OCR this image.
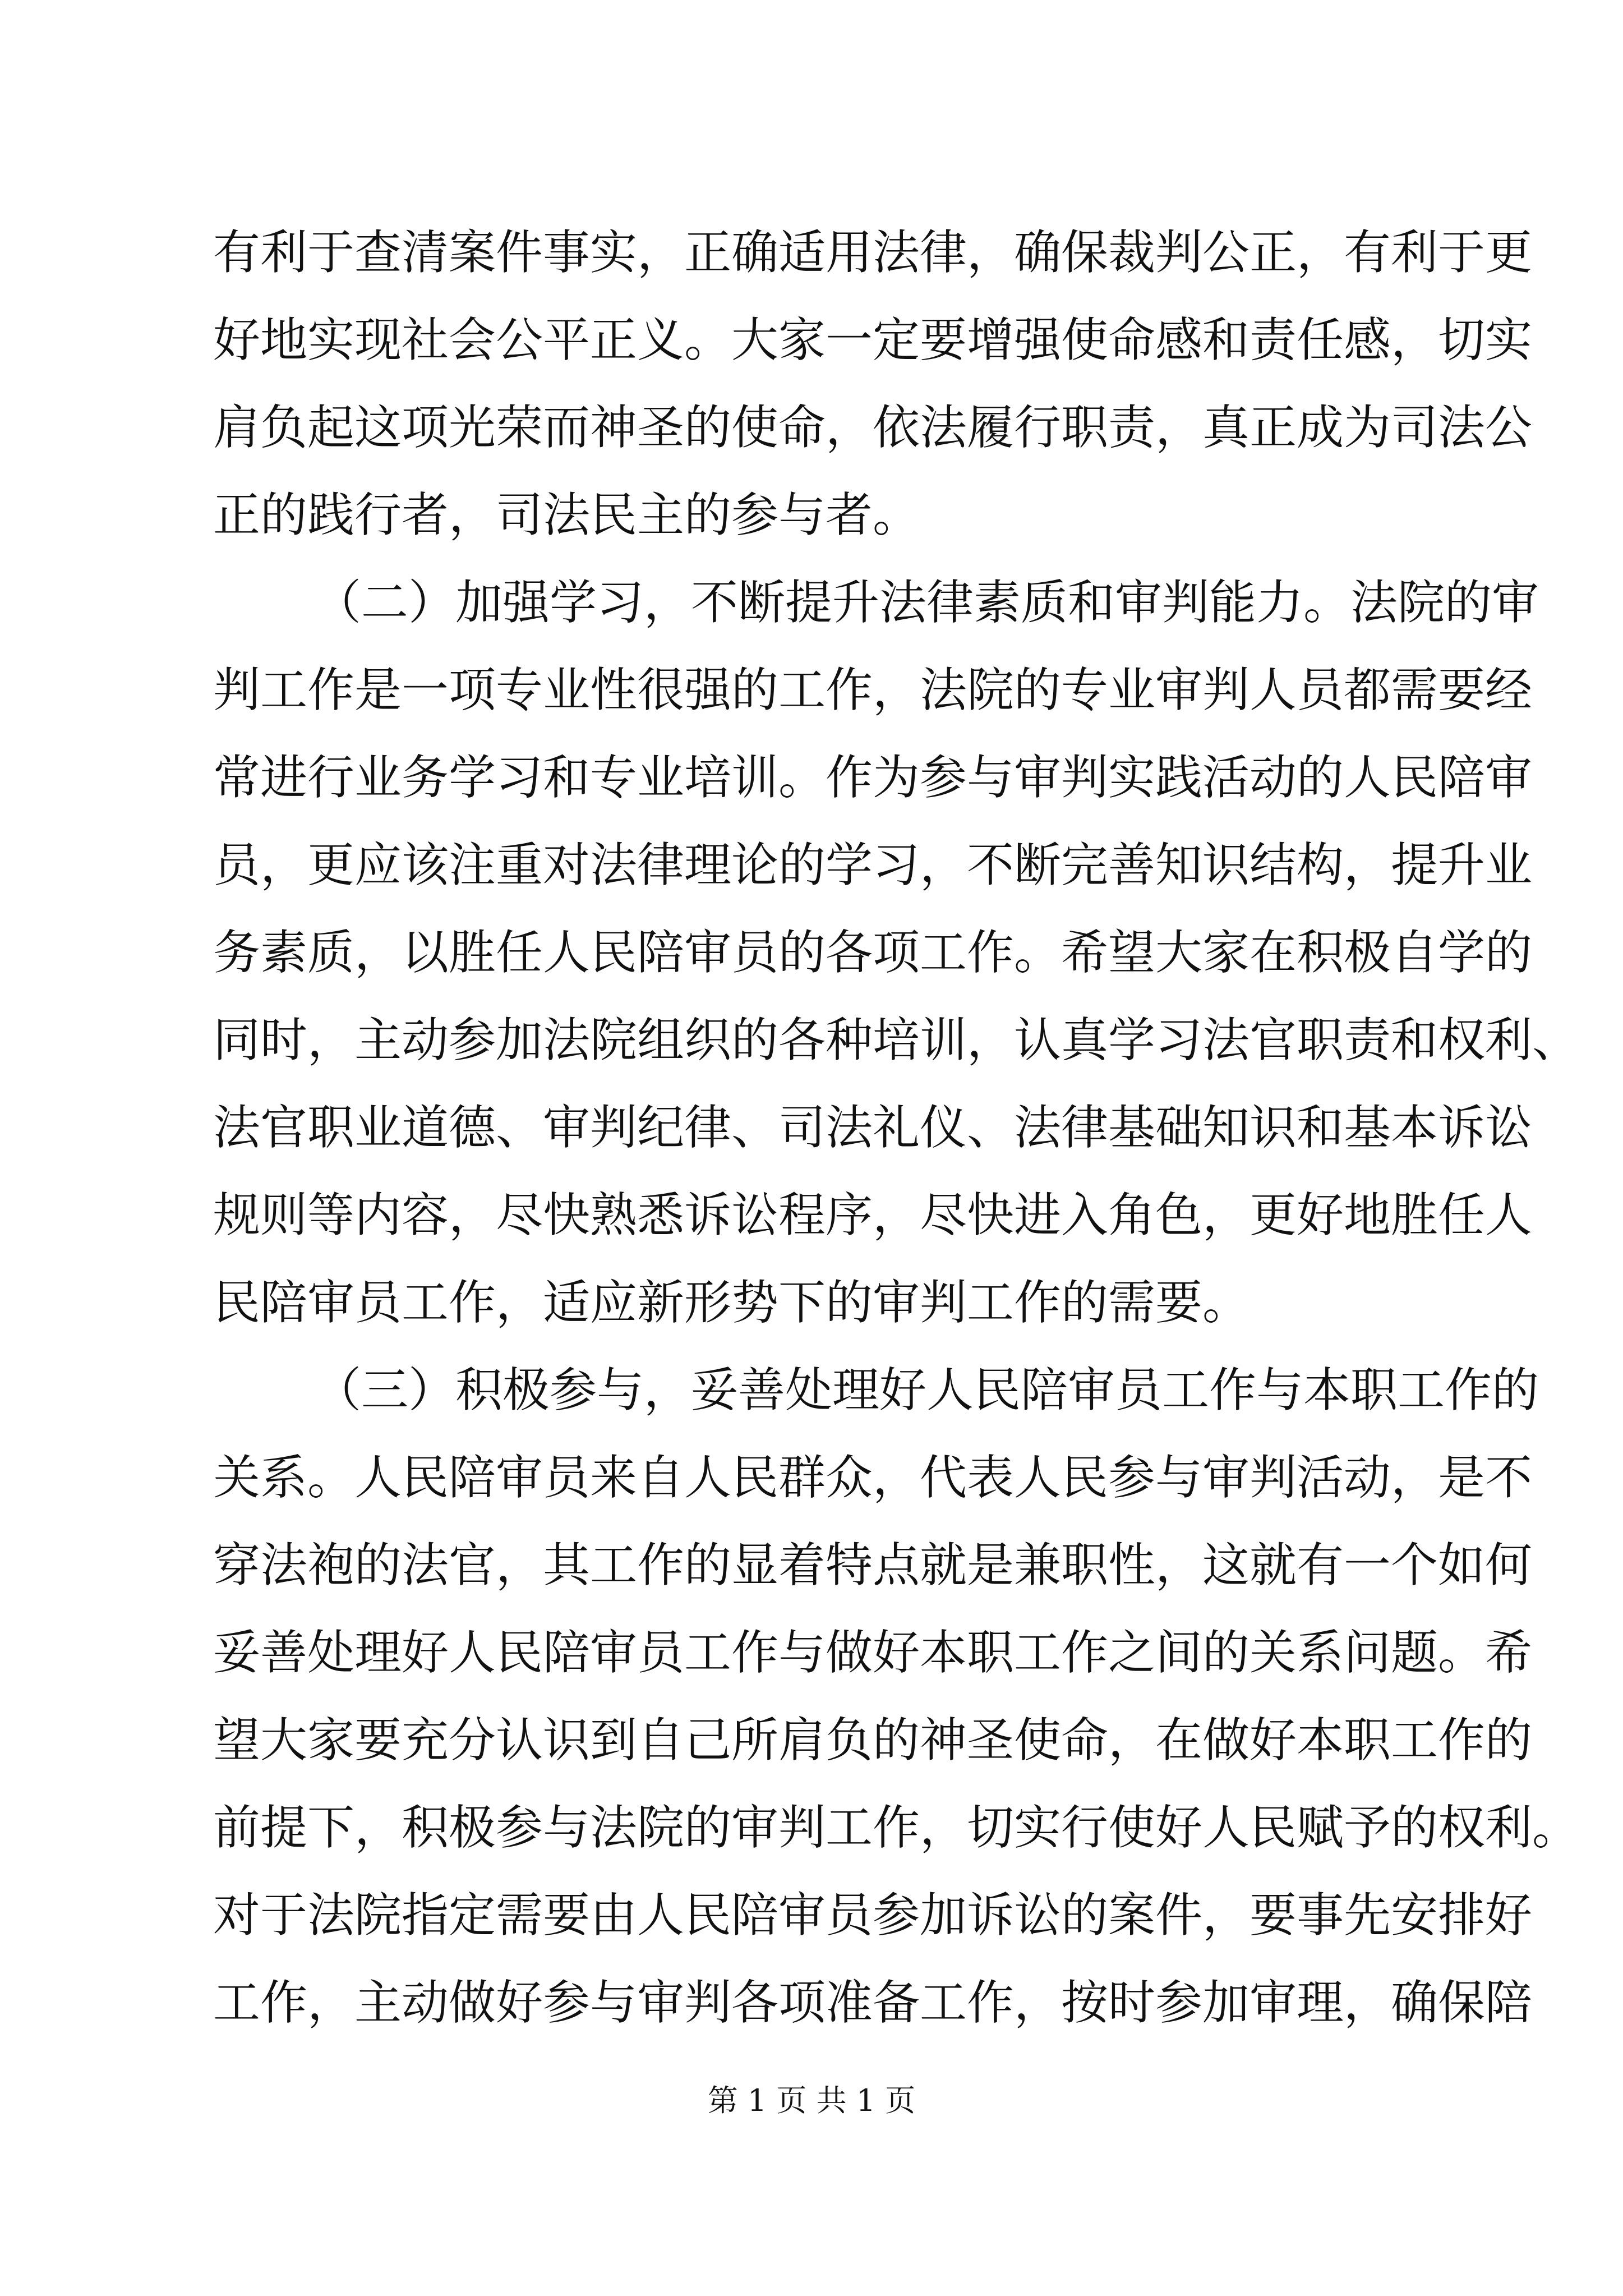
有利于查清案件事实，正确适用法律，确保裁判公正，有利于更
好地实现社会公平正义。大家一定要增强使命感和责任感，切实
肩负起这项光荣而神圣的使命，依法履行职责，真正成为司法公
正的践行者，司法民主的参与者。
（二）加强学习，不断提升法律素质和审判能力。法院的审
判工作是一项专业性很强的工作，法院的专业审判人员都需要经
常进行业务学习和专业培训。作为参与审判实践活动的人民陪审
员，更应该注重对法律理论的学习，不断完善知识结构，提升业
务素质，以胜任人民陪审员的各项工作。希望大家在积极自学的
同时，主动参加法院组织的各种培训，认真学习法官职责和权利、
法官职业道德、审判纪律、司法礼仪、法律基础知识和基本诉讼
规则等内容，尽快熟悉诉讼程序，尽快进入角色，更好地胜任人
民陪审员工作，适应新形势下的审判工作的需要。
（三）积极参与，妥善处理好人民陪审员工作与本职工作的
关系。人民陪审员来自人民群众，代表人民参与审判活动，是不
穿法袍的法官，其工作的显着特点就是兼职性，这就有一个如何
妥善处理好人民陪审员工作与做好本职工作之间的关系问题。希
望大家要充分认识到自己所肩负的神圣使命，在做好本职工作的
前提下，积极参与法院的审判工作，切实行使好人民赋予的权利。
对于法院指定需要由人民陪审员参加诉讼的案件，要事先安排好
工作，主动做好参与审判各项准备工作，按时参加审理，确保陪
第 1 页 共 1 页
